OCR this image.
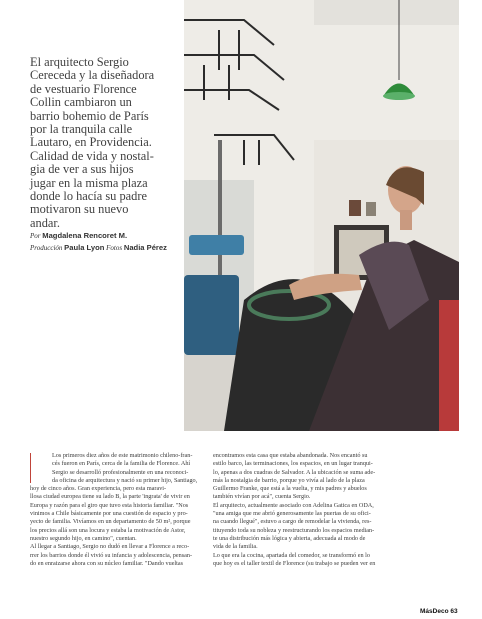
El arquitecto Sergio
Cereceda y la diseñadora
de vestuario Florence
Collin cambiaron un
barrio bohemio de París
por la tranquila calle
Lautaro, en Providencia.
Calidad de vida y nostal-
gia de ver a sus hijos
jugar en la misma plaza
donde lo hacía su padre
motivaron su nuevo
andar.
Por Magdalena Rencoret M.
Producción Paula Lyon Fotos Nadia Pérez
Los primeros diez años de este matrimonio chileno-fran-
cés fueron en París, cerca de la familia de Florence. Ahí
Sergio se desarrolló profesionalmente en una reconoci-
da oficina de arquitectura y nació su primer hijo, Santiago,
hoy de cinco años. Gran experiencia, pero esta maravi-
llosa ciudad europea tiene su lado B, la parte 'ingrata' de vivir en
Europa y razón para el giro que tuvo esta historia familiar. "Nos
vinimos a Chile básicamente por una cuestión de espacio y pro-
yecto de familia. Vivíamos en un departamento de 50 m², porque
los precios allá son una locura y estaba la motivación de Astor,
nuestro segundo hijo, en camino", cuentan.
Al llegar a Santiago, Sergio no dudó en llevar a Florence a reco-
rrer los barrios donde él vivió su infancia y adolescencia, pensan-
do en enraizarse ahora con su núcleo familiar. "Dando vueltas
encontramos esta casa que estaba abandonada. Nos encantó su
estilo barco, las terminaciones, los espacios, en un lugar tranqui-
lo, apenas a dos cuadras de Salvador. A la ubicación se suma ade-
más la nostalgia de barrio, porque yo vivía al lado de la plaza
Guillermo Franke, que está a la vuelta, y mis padres y abuelos
también vivían por acá", cuenta Sergio.
El arquitecto, actualmente asociado con Adelina Gatica en ODA,
"una amiga que me abrió generosamente las puertas de su ofici-
na cuando llegué", estuvo a cargo de remodelar la vivienda, res-
tituyendo toda su nobleza y reestructurando los espacios median-
te una distribución más lógica y abierta, adecuada al modo de
vida de la familia.
Lo que era la cocina, apartada del comedor, se transformó en lo
que hoy es el taller textil de Florence (su trabajo se pueden ver en
MásDeco 63
